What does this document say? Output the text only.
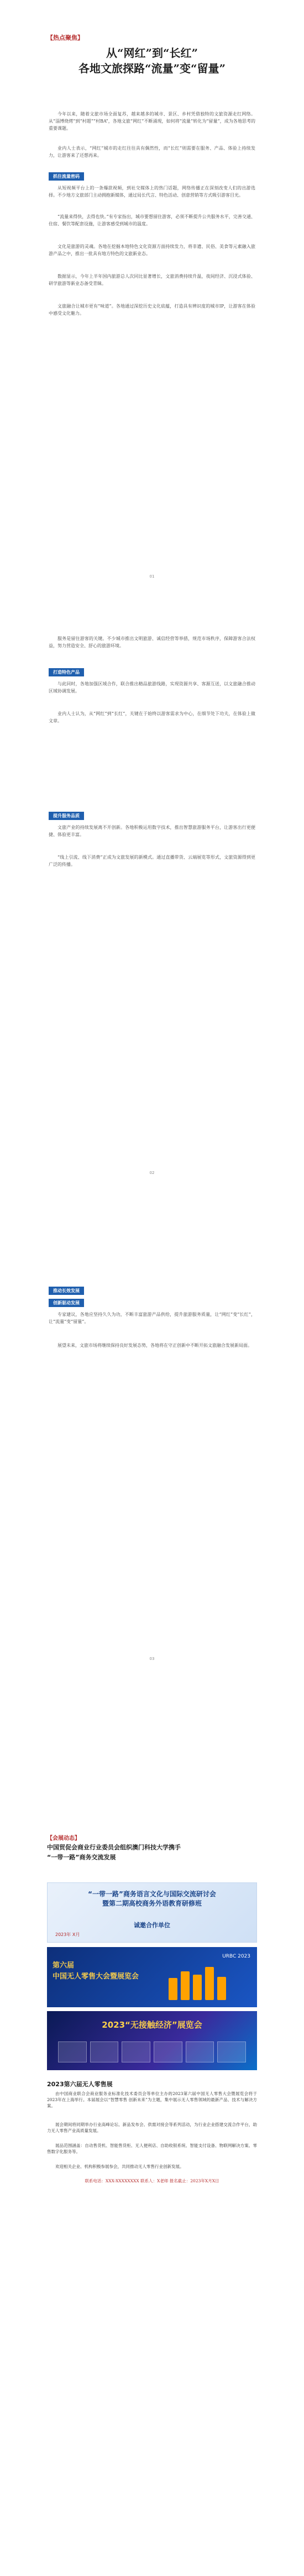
【热点聚焦】
从“网红”到“长红”
各地文旅探路“流量”变“留量”

今年以来，随着文旅市场全面复苏，越来越多的城市、景区、乡村凭借独特的文旅资源走红网络。从“淄博烧烤”到“村超”“村BA”，各地文旅“网红”不断涌现，如何将“流量”转化为“留量”，成为各地思考的重要课题。

业内人士表示，“网红”城市的走红往往具有偶然性，而“长红”则需要在服务、产品、体验上持续发力，让游客来了还想再来。

抓住流量密码

从短视频平台上的一条爆款视频，到社交媒体上的热门话题，网络传播正在深刻改变人们的出游选择。不少地方文旅部门主动拥抱新媒体，通过局长代言、特色活动、创意营销等方式吸引游客目光。

“流量来得快，去得也快。”有专家指出，城市要想留住游客，必须不断提升公共服务水平，完善交通、住宿、餐饮等配套设施，让游客感受到城市的温度。

文化是旅游的灵魂。各地在挖掘本地特色文化资源方面持续发力，将非遗、民俗、美食等元素融入旅游产品之中，推出一批具有地方特色的文旅新业态。

数据显示，今年上半年国内旅游总人次同比显著增长，文旅消费持续升温，夜间经济、沉浸式体验、研学旅游等新业态备受青睐。

文旅融合让城市更有“味道”。各地通过深挖历史文化底蕴，打造具有辨识度的城市IP，让游客在体验中感受文化魅力。

01
打造特色产品

服务是留住游客的关键。不少城市推出文明旅游、诚信经营等举措，规范市场秩序，保障游客合法权益，努力营造安全、舒心的旅游环境。

与此同时，各地加强区域合作，联合推出精品旅游线路，实现资源共享、客源互送，以文旅融合推动区域协调发展。

业内人士认为，从“网红”到“长红”，关键在于始终以游客需求为中心，在细节处下功夫，在体验上做文章。

提升服务品质

文旅产业的持续发展离不开创新。各地积极运用数字技术，推出智慧旅游服务平台，让游客出行更便捷、体验更丰富。

“线上引流、线下消费”正成为文旅发展的新模式。通过直播带货、云端展览等形式，文旅资源得到更广泛的传播。

02
推动长效发展
创新驱动发展

专家建议，各地应坚持久久为功，不断丰富旅游产品供给，提升旅游服务质量，让“网红”变“长红”，让“流量”变“留量”。

展望未来，文旅市场将继续保持良好发展态势，各地将在守正创新中不断开拓文旅融合发展新局面。

03
【会展动态】
中国贸促会商业行业委员会组织澳门科技大学携手
“一带一路”商务交流发展
“一带一路”商务语言文化与国际交流研讨会
暨第二期高校商务外语教育研修班
诚邀合作单位
2023年 X月
第六届
中国无人零售大会暨展览会
URBC 2023
2023“无接触经济”展览会
2023第六届无人零售展

由中国商业联合会商业服务业标准化技术委员会等单位主办的2023第六届中国无人零售大会暨展览会将于2023年在上海举行。本届展会以“智慧零售 创新未来”为主题，集中展示无人零售领域的最新产品、技术与解决方案。

展会期间将同期举办行业高峰论坛、新品发布会、供需对接会等系列活动，为行业企业搭建交流合作平台，助力无人零售产业高质量发展。

展品范围涵盖：自动售货机、智能售货柜、无人便利店、自助收银系统、智能支付设备、物联网解决方案、零售数字化服务等。

欢迎相关企业、机构积极参展参会，共同推动无人零售行业创新发展。

联系电话：XXX-XXXXXXXX 联系人：X老师 报名截止：2023年X月X日
